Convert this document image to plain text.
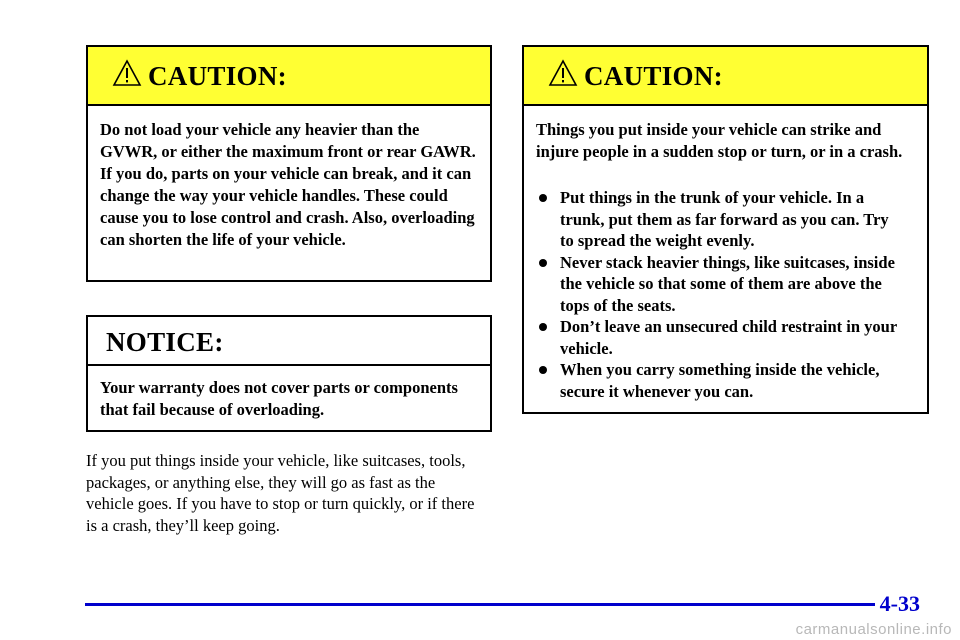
CAUTION:
Do not load your vehicle any heavier than the GVWR, or either the maximum front or rear GAWR. If you do, parts on your vehicle can break, and it can change the way your vehicle handles. These could cause you to lose control and crash. Also, overloading can shorten the life of your vehicle.
NOTICE:
Your warranty does not cover parts or components that fail because of overloading.
If you put things inside your vehicle, like suitcases, tools, packages, or anything else, they will go as fast as the vehicle goes. If you have to stop or turn quickly, or if there is a crash, they’ll keep going.
CAUTION:
Things you put inside your vehicle can strike and injure people in a sudden stop or turn, or in a crash.
Put things in the trunk of your vehicle. In a trunk, put them as far forward as you can. Try to spread the weight evenly.
Never stack heavier things, like suitcases, inside the vehicle so that some of them are above the tops of the seats.
Don’t leave an unsecured child restraint in your vehicle.
When you carry something inside the vehicle, secure it whenever you can.
4-33
carmanualsonline.info
